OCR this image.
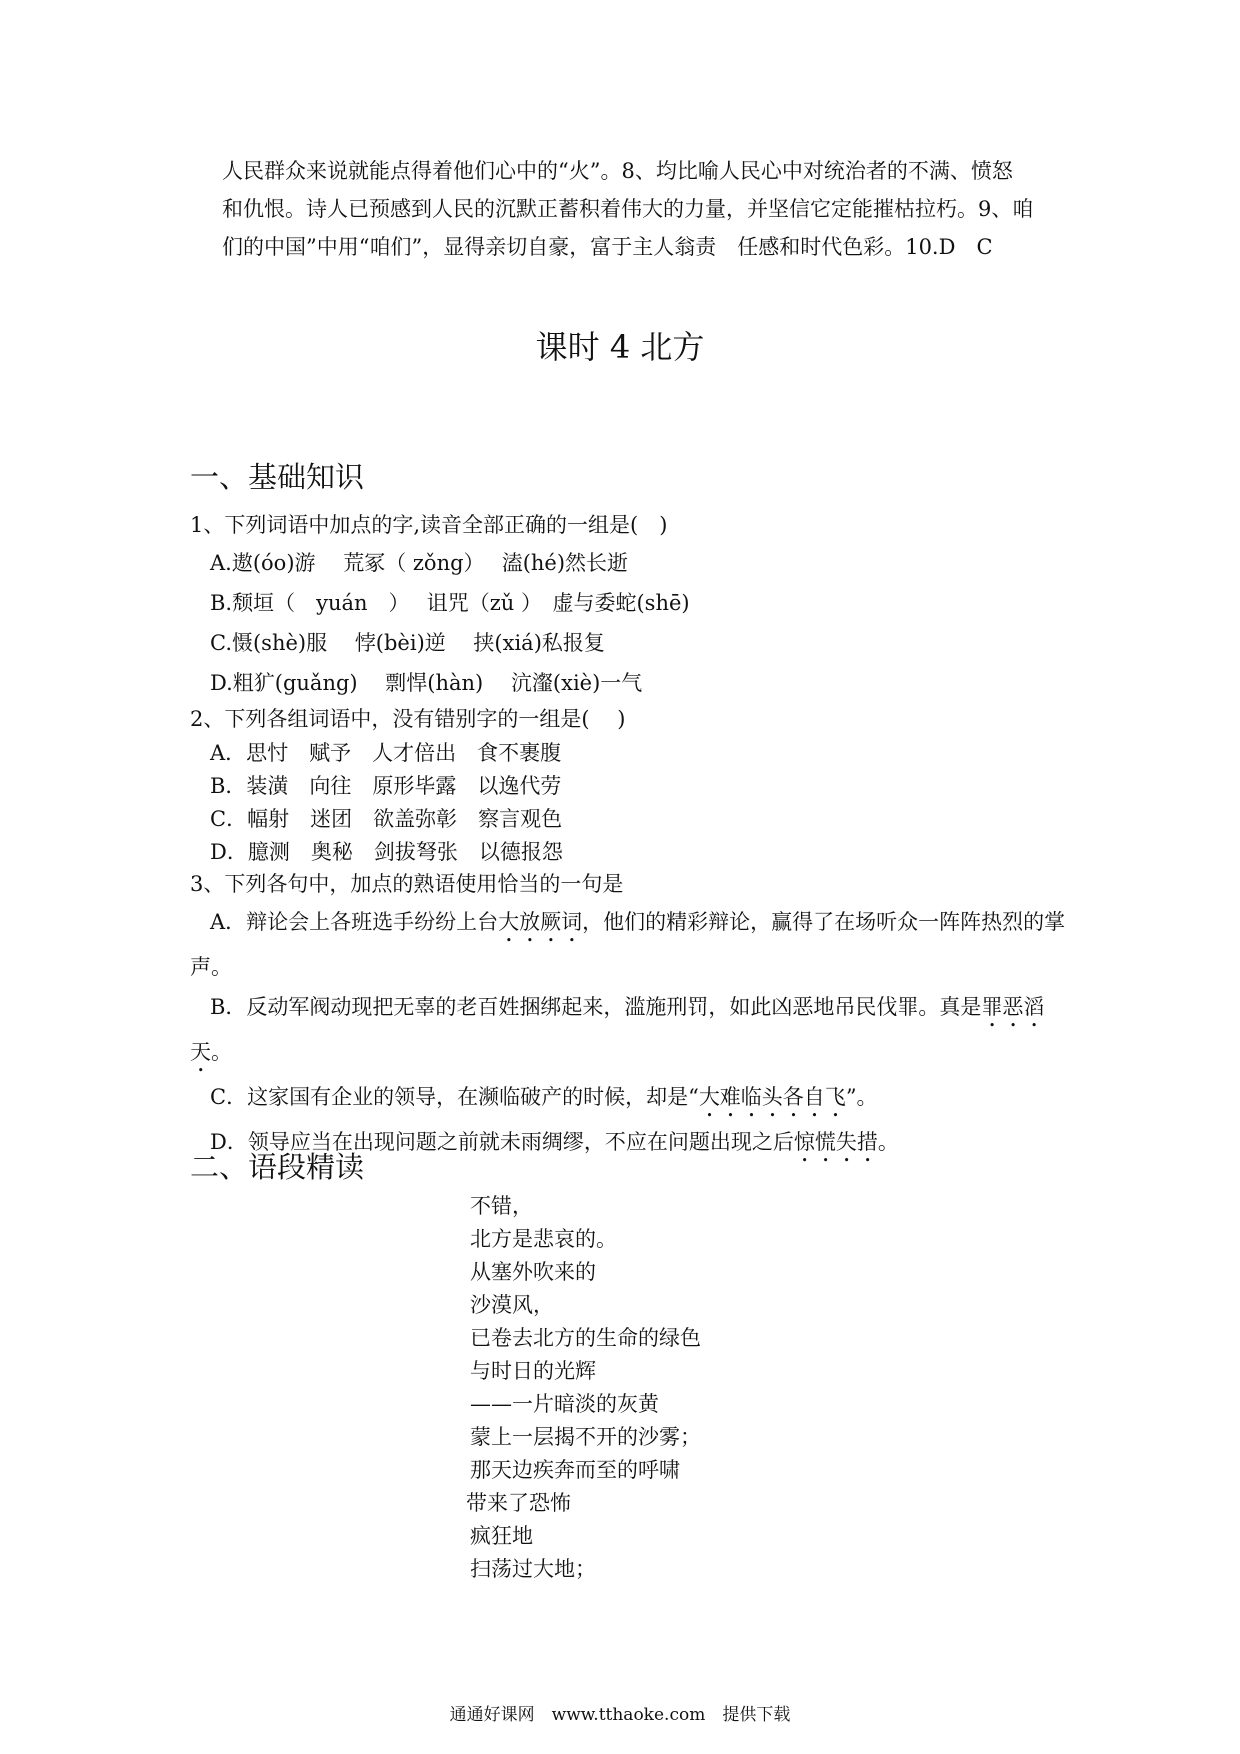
人民群众来说就能点得着他们心中的“火”。8、均比喻人民心中对统治者的不满、愤怒
和仇恨。诗人已预感到人民的沉默正蓄积着伟大的力量，并坚信它定能摧枯拉朽。9、咱
们的中国”中用“咱们”，显得亲切自豪，富于主人翁责　任感和时代色彩。10.D　C
课时 4 北方
一、基础知识
1、下列词语中加点的字,读音全部正确的一组是(　)
A.遨(óo)游　 荒冢（ zǒng）　 溘(hé)然长逝
B.颓垣（　yuán　）　 诅咒（zǔ ）　虚与委蛇(shē)
C.慑(shè)服　 悖(bèi)逆　 挟(xiá)私报复
D.粗犷(guǎng)　 剽悍(hàn)　 沆瀣(xiè)一气
2、下列各组词语中，没有错别字的一组是(　 )
A．思忖　赋予　人才倍出　食不裹腹
B．装潢　向往　原形毕露　以逸代劳
C．幅射　迷团　欲盖弥彰　察言观色
D．臆测　奥秘　剑拔弩张　以德报怨
3、下列各句中，加点的熟语使用恰当的一句是
A．辩论会上各班选手纷纷上台大放厥词，他们的精彩辩论，赢得了在场听众一阵阵热烈的掌声。
B．反动军阀动现把无辜的老百姓捆绑起来，滥施刑罚，如此凶恶地吊民伐罪。真是罪恶滔天。
C．这家国有企业的领导，在濒临破产的时候，却是“大难临头各自飞”。
D．领导应当在出现问题之前就未雨绸缪，不应在问题出现之后惊慌失措。
二、语段精读
不错，
北方是悲哀的。
从塞外吹来的
沙漠风，
已卷去北方的生命的绿色
与时日的光辉
——一片暗淡的灰黄
蒙上一层揭不开的沙雾；
那天边疾奔而至的呼啸
带来了恐怖
疯狂地
扫荡过大地；
通通好课网　www.tthaoke.com　提供下载
